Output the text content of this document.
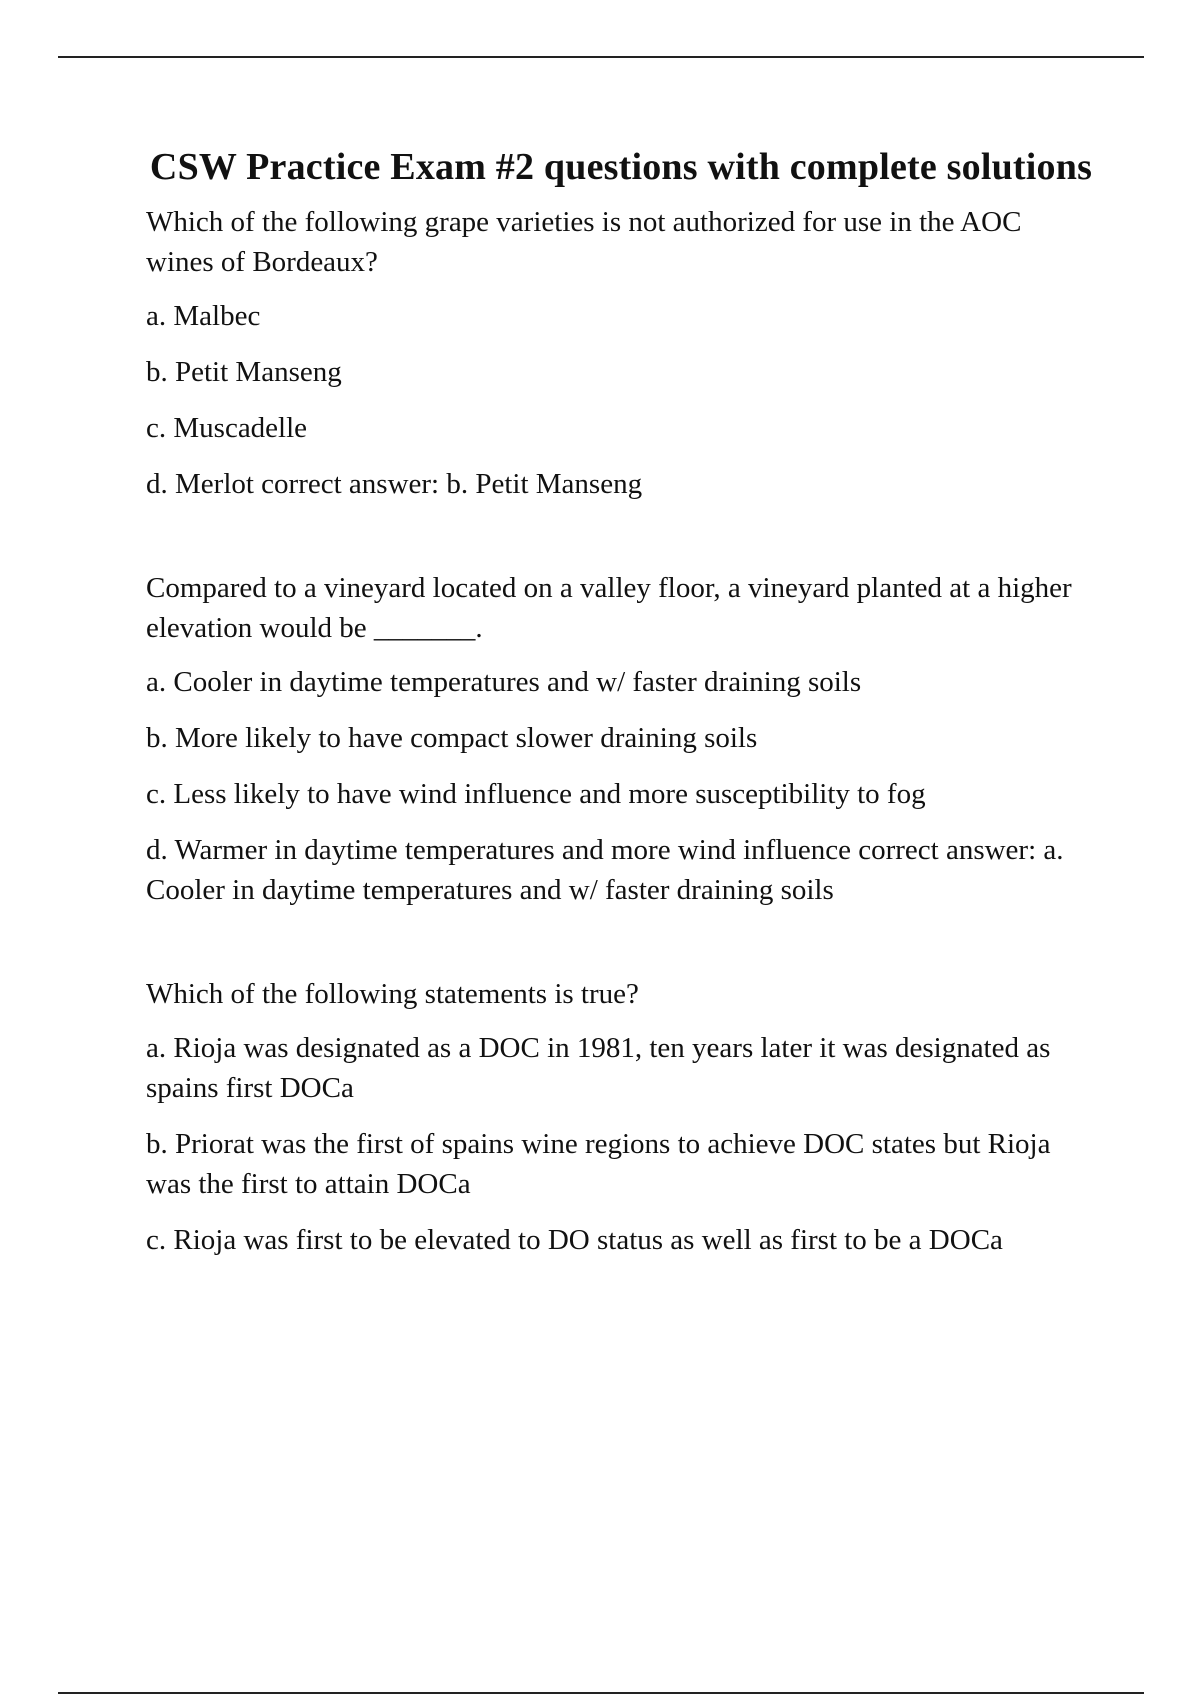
CSW Practice Exam #2 questions with complete solutions

Which of the following grape varieties is not authorized for use in the AOC wines of Bordeaux?

a. Malbec

b. Petit Manseng

c. Muscadelle

d. Merlot correct answer: b. Petit Manseng

Compared to a vineyard located on a valley floor, a vineyard planted at a higher elevation would be _______.

a. Cooler in daytime temperatures and w/ faster draining soils

b. More likely to have compact slower draining soils

c. Less likely to have wind influence and more susceptibility to fog

d. Warmer in daytime temperatures and more wind influence correct answer: a. Cooler in daytime temperatures and w/ faster draining soils

Which of the following statements is true?

a. Rioja was designated as a DOC in 1981, ten years later it was designated as spains first DOCa

b. Priorat was the first of spains wine regions to achieve DOC states but Rioja was the first to attain DOCa

c. Rioja was first to be elevated to DO status as well as first to be a DOCa
